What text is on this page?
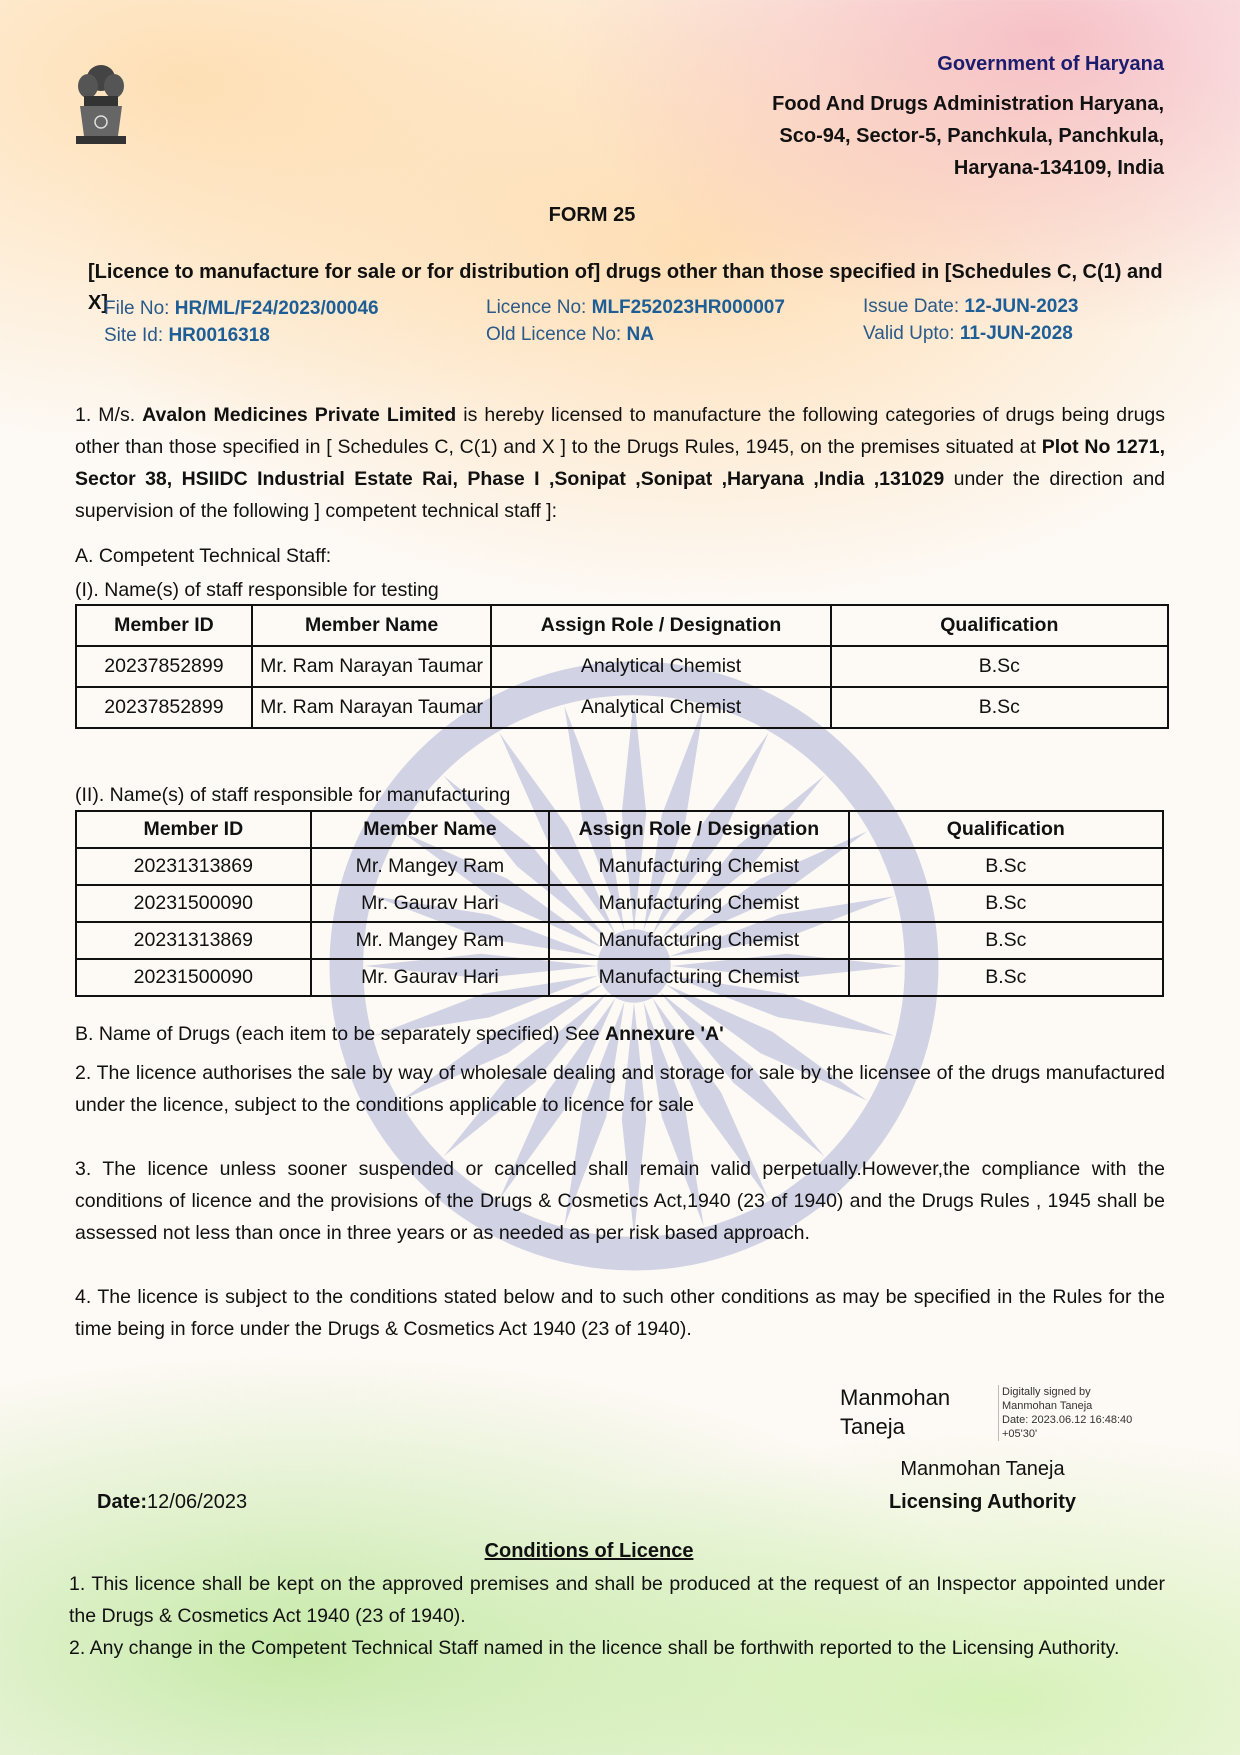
Government of Haryana
Food And Drugs Administration Haryana,
Sco-94, Sector-5, Panchkula, Panchkula,
Haryana-134109, India
FORM 25
[Licence to manufacture for sale or for distribution of] drugs other than those specified in [Schedules C, C(1) and X]
File No: HR/ML/F24/2023/00046
Site Id: HR0016318
Licence No: MLF252023HR000007
Old Licence No: NA
Issue Date: 12-JUN-2023
Valid Upto: 11-JUN-2028
1. M/s. Avalon Medicines Private Limited is hereby licensed to manufacture the following categories of drugs being drugs other than those specified in [ Schedules C, C(1) and X ] to the Drugs Rules, 1945, on the premises situated at Plot No 1271, Sector 38, HSIIDC Industrial Estate Rai, Phase I ,Sonipat ,Sonipat ,Haryana ,India ,131029 under the direction and supervision of the following ] competent technical staff ]:
A. Competent Technical Staff:
(I). Name(s) of staff responsible for testing
Member ID	Member Name	Assign Role / Designation	Qualification
20237852899	Mr. Ram Narayan Taumar	Analytical Chemist	B.Sc
20237852899	Mr. Ram Narayan Taumar	Analytical Chemist	B.Sc
(II). Name(s) of staff responsible for manufacturing
Member ID	Member Name	Assign Role / Designation	Qualification
20231313869	Mr. Mangey Ram	Manufacturing Chemist	B.Sc
20231500090	Mr. Gaurav Hari	Manufacturing Chemist	B.Sc
20231313869	Mr. Mangey Ram	Manufacturing Chemist	B.Sc
20231500090	Mr. Gaurav Hari	Manufacturing Chemist	B.Sc
B. Name of Drugs (each item to be separately specified) See Annexure 'A'
2. The licence authorises the sale by way of wholesale dealing and storage for sale by the licensee of the drugs manufactured under the licence, subject to the conditions applicable to licence for sale
3. The licence unless sooner suspended or cancelled shall remain valid perpetually.However,the compliance with the conditions of licence and the provisions of the Drugs & Cosmetics Act,1940 (23 of 1940) and the Drugs Rules , 1945 shall be assessed not less than once in three years or as needed as per risk based approach.
4. The licence is subject to the conditions stated below and to such other conditions as may be specified in the Rules for the time being in force under the Drugs & Cosmetics Act 1940 (23 of 1940).
Manmohan
Taneja
Digitally signed by
Manmohan Taneja
Date: 2023.06.12 16:48:40
+05'30'
Manmohan Taneja
Licensing Authority
Date:12/06/2023
Conditions of Licence
1. This licence shall be kept on the approved premises and shall be produced at the request of an Inspector appointed under the Drugs & Cosmetics Act 1940 (23 of 1940).
2. Any change in the Competent Technical Staff named in the licence shall be forthwith reported to the Licensing Authority.
